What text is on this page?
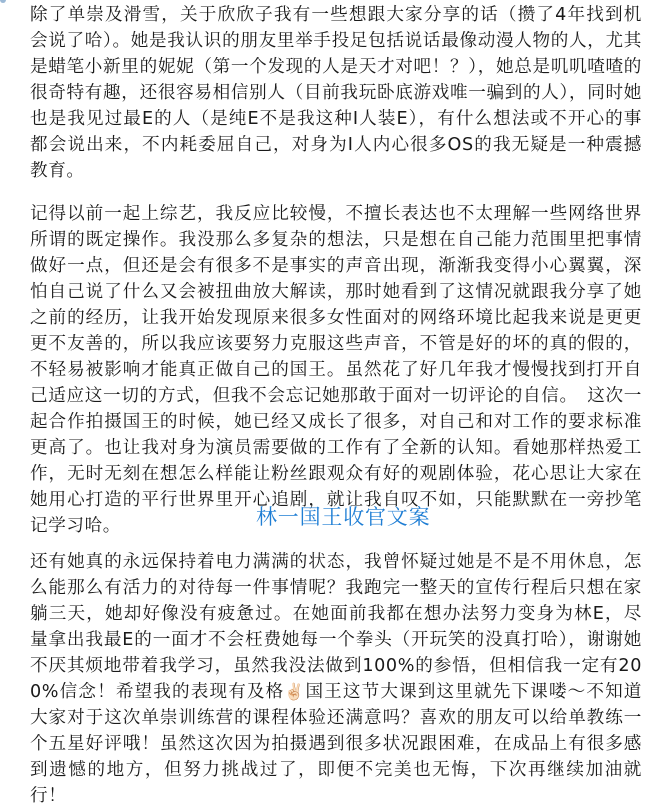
除了单崇及滑雪，关于欣欣子我有一些想跟大家分享的话（攒了4年找到机会说了哈）。她是我认识的朋友里举手投足包括说话最像动漫人物的人，尤其是蜡笔小新里的妮妮（第一个发现的人是天才对吧！？），她总是叽叽喳喳的很奇特有趣，还很容易相信别人（目前我玩卧底游戏唯一骗到的人），同时她也是我见过最E的人（是纯E不是我这种I人装E），有什么想法或不开心的事都会说出来，不内耗委屈自己，对身为I人内心很多OS的我无疑是一种震撼教育。

记得以前一起上综艺，我反应比较慢，不擅长表达也不太理解一些网络世界所谓的既定操作。我没那么多复杂的想法，只是想在自己能力范围里把事情做好一点，但还是会有很多不是事实的声音出现，渐渐我变得小心翼翼，深怕自己说了什么又会被扭曲放大解读，那时她看到了这情况就跟我分享了她之前的经历，让我开始发现原来很多女性面对的网络环境比起我来说是更更更不友善的，所以我应该要努力克服这些声音，不管是好的坏的真的假的，不轻易被影响才能真正做自己的国王。虽然花了好几年我才慢慢找到打开自己适应这一切的方式，但我不会忘记她那敢于面对一切评论的自信。　这次一起合作拍摄国王的时候，她已经又成长了很多，对自己和对工作的要求标准更高了。也让我对身为演员需要做的工作有了全新的认知。看她那样热爱工作，无时无刻在想怎么样能让粉丝跟观众有好的观剧体验，花心思让大家在她用心打造的平行世界里开心追剧，就让我自叹不如，只能默默在一旁抄笔记学习哈。	林一国王收官文案

还有她真的永远保持着电力满满的状态，我曾怀疑过她是不是不用休息，怎么能那么有活力的对待每一件事情呢？我跑完一整天的宣传行程后只想在家躺三天，她却好像没有疲惫过。在她面前我都在想办法努力变身为林E，尽量拿出我最E的一面才不会枉费她每一个拳头（开玩笑的没真打哈），谢谢她不厌其烦地带着我学习，虽然我没法做到100%的参悟，但相信我一定有200%信念！希望我的表现有及格✌🏻国王这节大课到这里就先下课喽～不知道大家对于这次单崇训练营的课程体验还满意吗？喜欢的朋友可以给单教练一个五星好评哦！虽然这次因为拍摄遇到很多状况跟困难，在成品上有很多感到遗憾的地方，但努力挑战过了，即便不完美也无悔，下次再继续加油就行！
